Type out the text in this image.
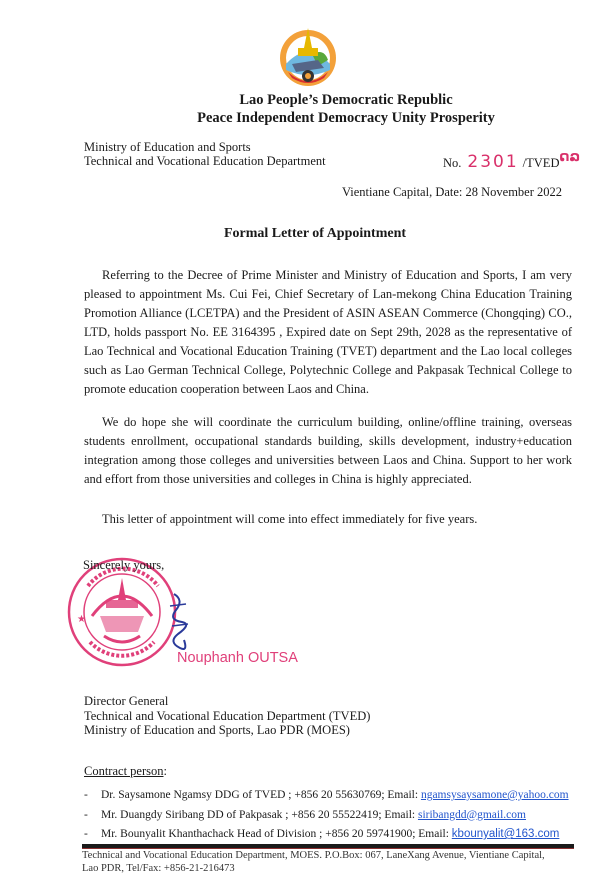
Lao People’s Democratic Republic
Peace Independent Democracy Unity Prosperity
Ministry of Education and Sports
Technical and Vocational Education Department	No. 2301 /TVEDດລ
Vientiane Capital, Date: 28 November 2022
Formal Letter of Appointment

Referring to the Decree of Prime Minister and Ministry of Education and Sports, I am very pleased to appointment Ms. Cui Fei, Chief Secretary of Lan-mekong China Education Training Promotion Alliance (LCETPA) and the President of ASIN ASEAN Commerce (Chongqing) CO., LTD, holds passport No. EE 3164395 , Expired date on Sept 29th, 2028 as the representative of Lao Technical and Vocational Education Training (TVET) department and the Lao local colleges such as Lao German Technical College, Polytechnic College and Pakpasak Technical College to promote education cooperation between Laos and China.

We do hope she will coordinate the curriculum building, online/offline training, overseas students enrollment, occupational standards building, skills development, industry+education integration among those colleges and universities between Laos and China. Support to her work and effort from those universities and colleges in China is highly appreciated.

This letter of appointment will come into effect immediately for five years.

★
Sincerely yours,
Nouphanh OUTSA
Director General
Technical and Vocational Education Department (TVED)
Ministry of Education and Sports, Lao PDR (MOES)
Contract person:
- Dr. Saysamone Ngamsy DDG of TVED ; +856 20 55630769; Email: ngamsysaysamone@yahoo.com
- Mr. Duangdy Siribang DD of Pakpasak ; +856 20 55522419; Email: siribangdd@gmail.com
- Mr. Bounyalit Khanthachack Head of Division ; +856 20 59741900; Email: kbounyalit@163.com
Technical and Vocational Education Department, MOES. P.O.Box: 067, LaneXang Avenue, Vientiane Capital,
Lao PDR, Tel/Fax: +856-21-216473
